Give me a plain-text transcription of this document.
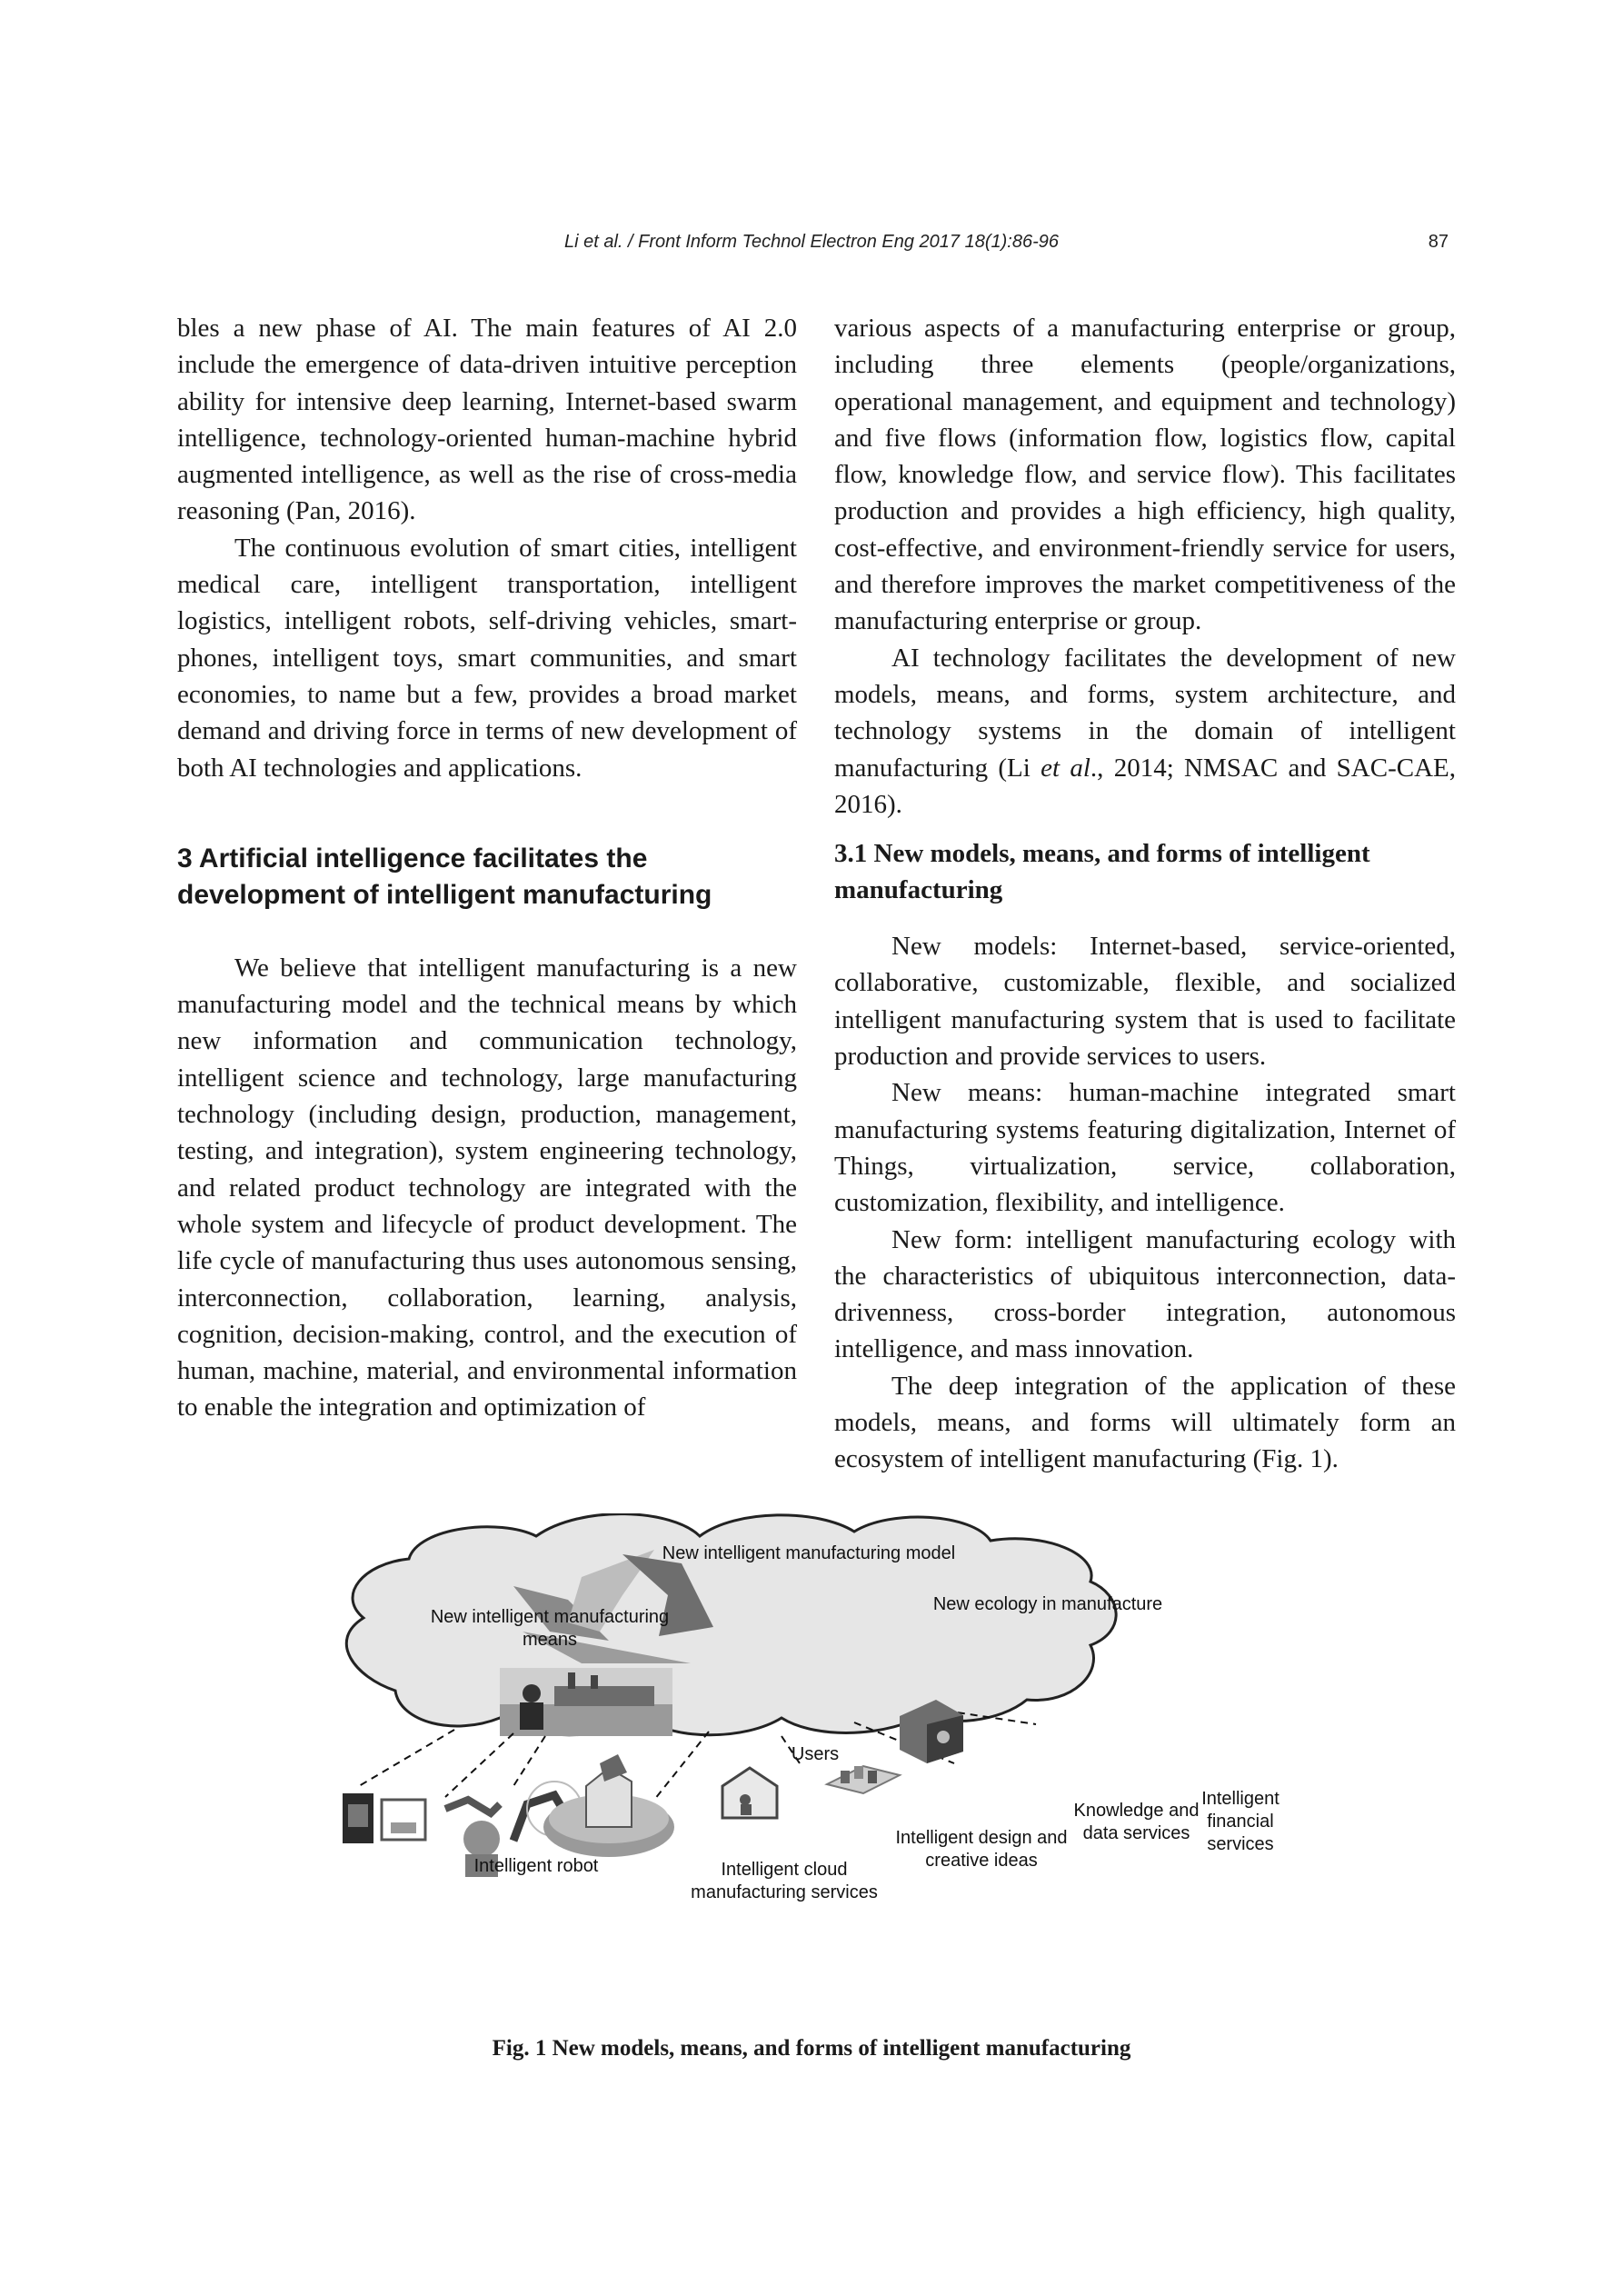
Li et al. / Front Inform Technol Electron Eng 2017 18(1):86-96	87

bles a new phase of AI. The main features of AI 2.0 include the emergence of data-driven intuitive perception ability for intensive deep learning, Internet-based swarm intelligence, technology-oriented human-machine hybrid augmented intelligence, as well as the rise of cross-media reasoning (Pan, 2016).

The continuous evolution of smart cities, intelligent medical care, intelligent transportation, intelligent logistics, intelligent robots, self-driving vehicles, smart-phones, intelligent toys, smart communities, and smart economies, to name but a few, provides a broad market demand and driving force in terms of new development of both AI technologies and applications.

3 Artificial intelligence facilitates the development of intelligent manufacturing

We believe that intelligent manufacturing is a new manufacturing model and the technical means by which new information and communication technology, intelligent science and technology, large manufacturing technology (including design, production, management, testing, and integration), system engineering technology, and related product technology are integrated with the whole system and lifecycle of product development. The life cycle of manufacturing thus uses autonomous sensing, interconnection, collaboration, learning, analysis, cognition, decision-making, control, and the execution of human, machine, material, and environmental information to enable the integration and optimization of

various aspects of a manufacturing enterprise or group, including three elements (people/organizations, operational management, and equipment and technology) and five flows (information flow, logistics flow, capital flow, knowledge flow, and service flow). This facilitates production and provides a high efficiency, high quality, cost-effective, and environment-friendly service for users, and therefore improves the market competitiveness of the manufacturing enterprise or group.

AI technology facilitates the development of new models, means, and forms, system architecture, and technology systems in the domain of intelligent manufacturing (Li et al., 2014; NMSAC and SAC-CAE, 2016).

3.1 New models, means, and forms of intelligent manufacturing

New models: Internet-based, service-oriented, collaborative, customizable, flexible, and socialized intelligent manufacturing system that is used to facilitate production and provide services to users.

New means: human-machine integrated smart manufacturing systems featuring digitalization, Internet of Things, virtualization, service, collaboration, customization, flexibility, and intelligence.

New form: intelligent manufacturing ecology with the characteristics of ubiquitous interconnection, data-drivenness, cross-border integration, autonomous intelligence, and mass innovation.

The deep integration of the application of these models, means, and forms will ultimately form an ecosystem of intelligent manufacturing (Fig. 1).

New intelligent manufacturing model
New intelligent manufacturing means
New ecology in manufacture
Users
Intelligent robot	Intelligent cloud manufacturing services
Intelligent design and creative ideas
Knowledge and data services
Intelligent financial services
Fig. 1 New models, means, and forms of intelligent manufacturing
